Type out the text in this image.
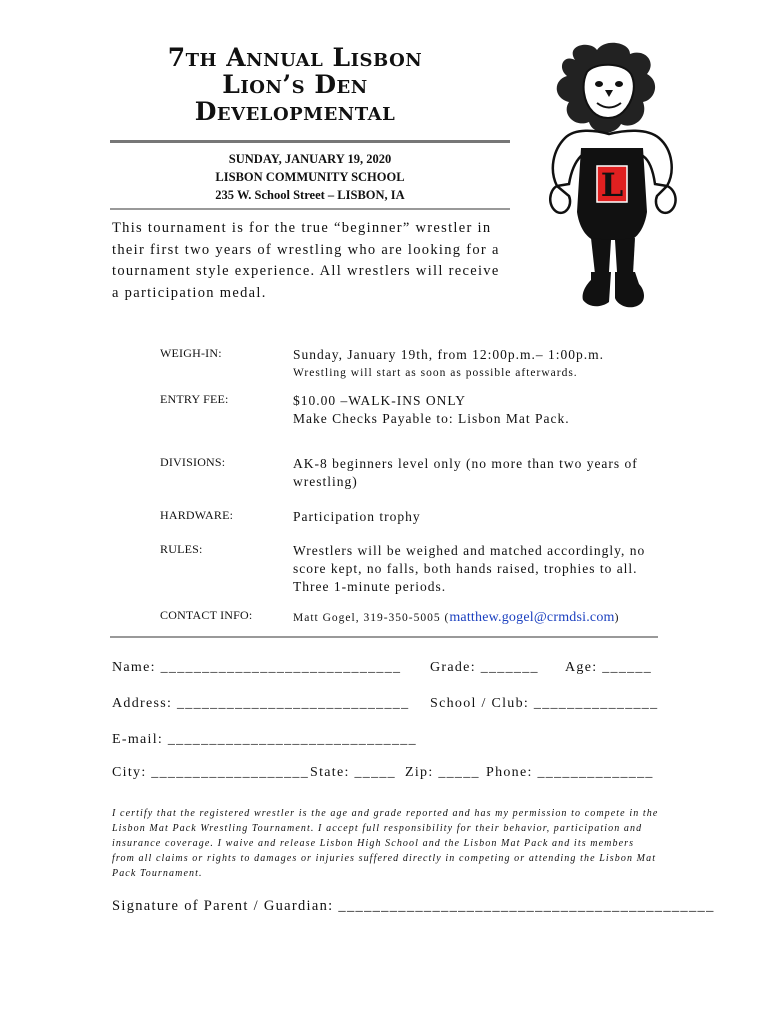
7th Annual Lisbon
Lion’s Den
Developmental
SUNDAY, JANUARY 19, 2020
LISBON COMMUNITY SCHOOL
235 W. School Street – LISBON, IA
This tournament is for the true “beginner” wrestler in their first two years of wrestling who are looking for a tournament style experience. All wrestlers will receive a participation medal.
L
WEIGH-IN:	Sunday, January 19th, from 12:00p.m.– 1:00p.m.
Wrestling will start as soon as possible afterwards.
ENTRY FEE:	$10.00 –WALK-INS ONLY
Make Checks Payable to: Lisbon Mat Pack.
DIVISIONS:	AK-8 beginners level only (no more than two years of wrestling)
HARDWARE:	Participation trophy
RULES:	Wrestlers will be weighed and matched accordingly, no score kept, no falls, both hands raised, trophies to all. Three 1-minute periods.
CONTACT INFO:	Matt Gogel, 319-350-5005 (matthew.gogel@crmdsi.com)
Name: _____________________________ Grade: _______ Age: ______
Address: ____________________________ School / Club: _______________
E-mail: ______________________________
City: ___________________ State: _____ Zip: _____ Phone: ______________
I certify that the registered wrestler is the age and grade reported and has my permission to compete in the Lisbon Mat Pack Wrestling Tournament. I accept full responsibility for their behavior, participation and insurance coverage. I waive and release Lisbon High School and the Lisbon Mat Pack and its members from all claims or rights to damages or injuries suffered directly in competing or attending the Lisbon Mat Pack Tournament.
Signature of Parent / Guardian: ____________________________________________
